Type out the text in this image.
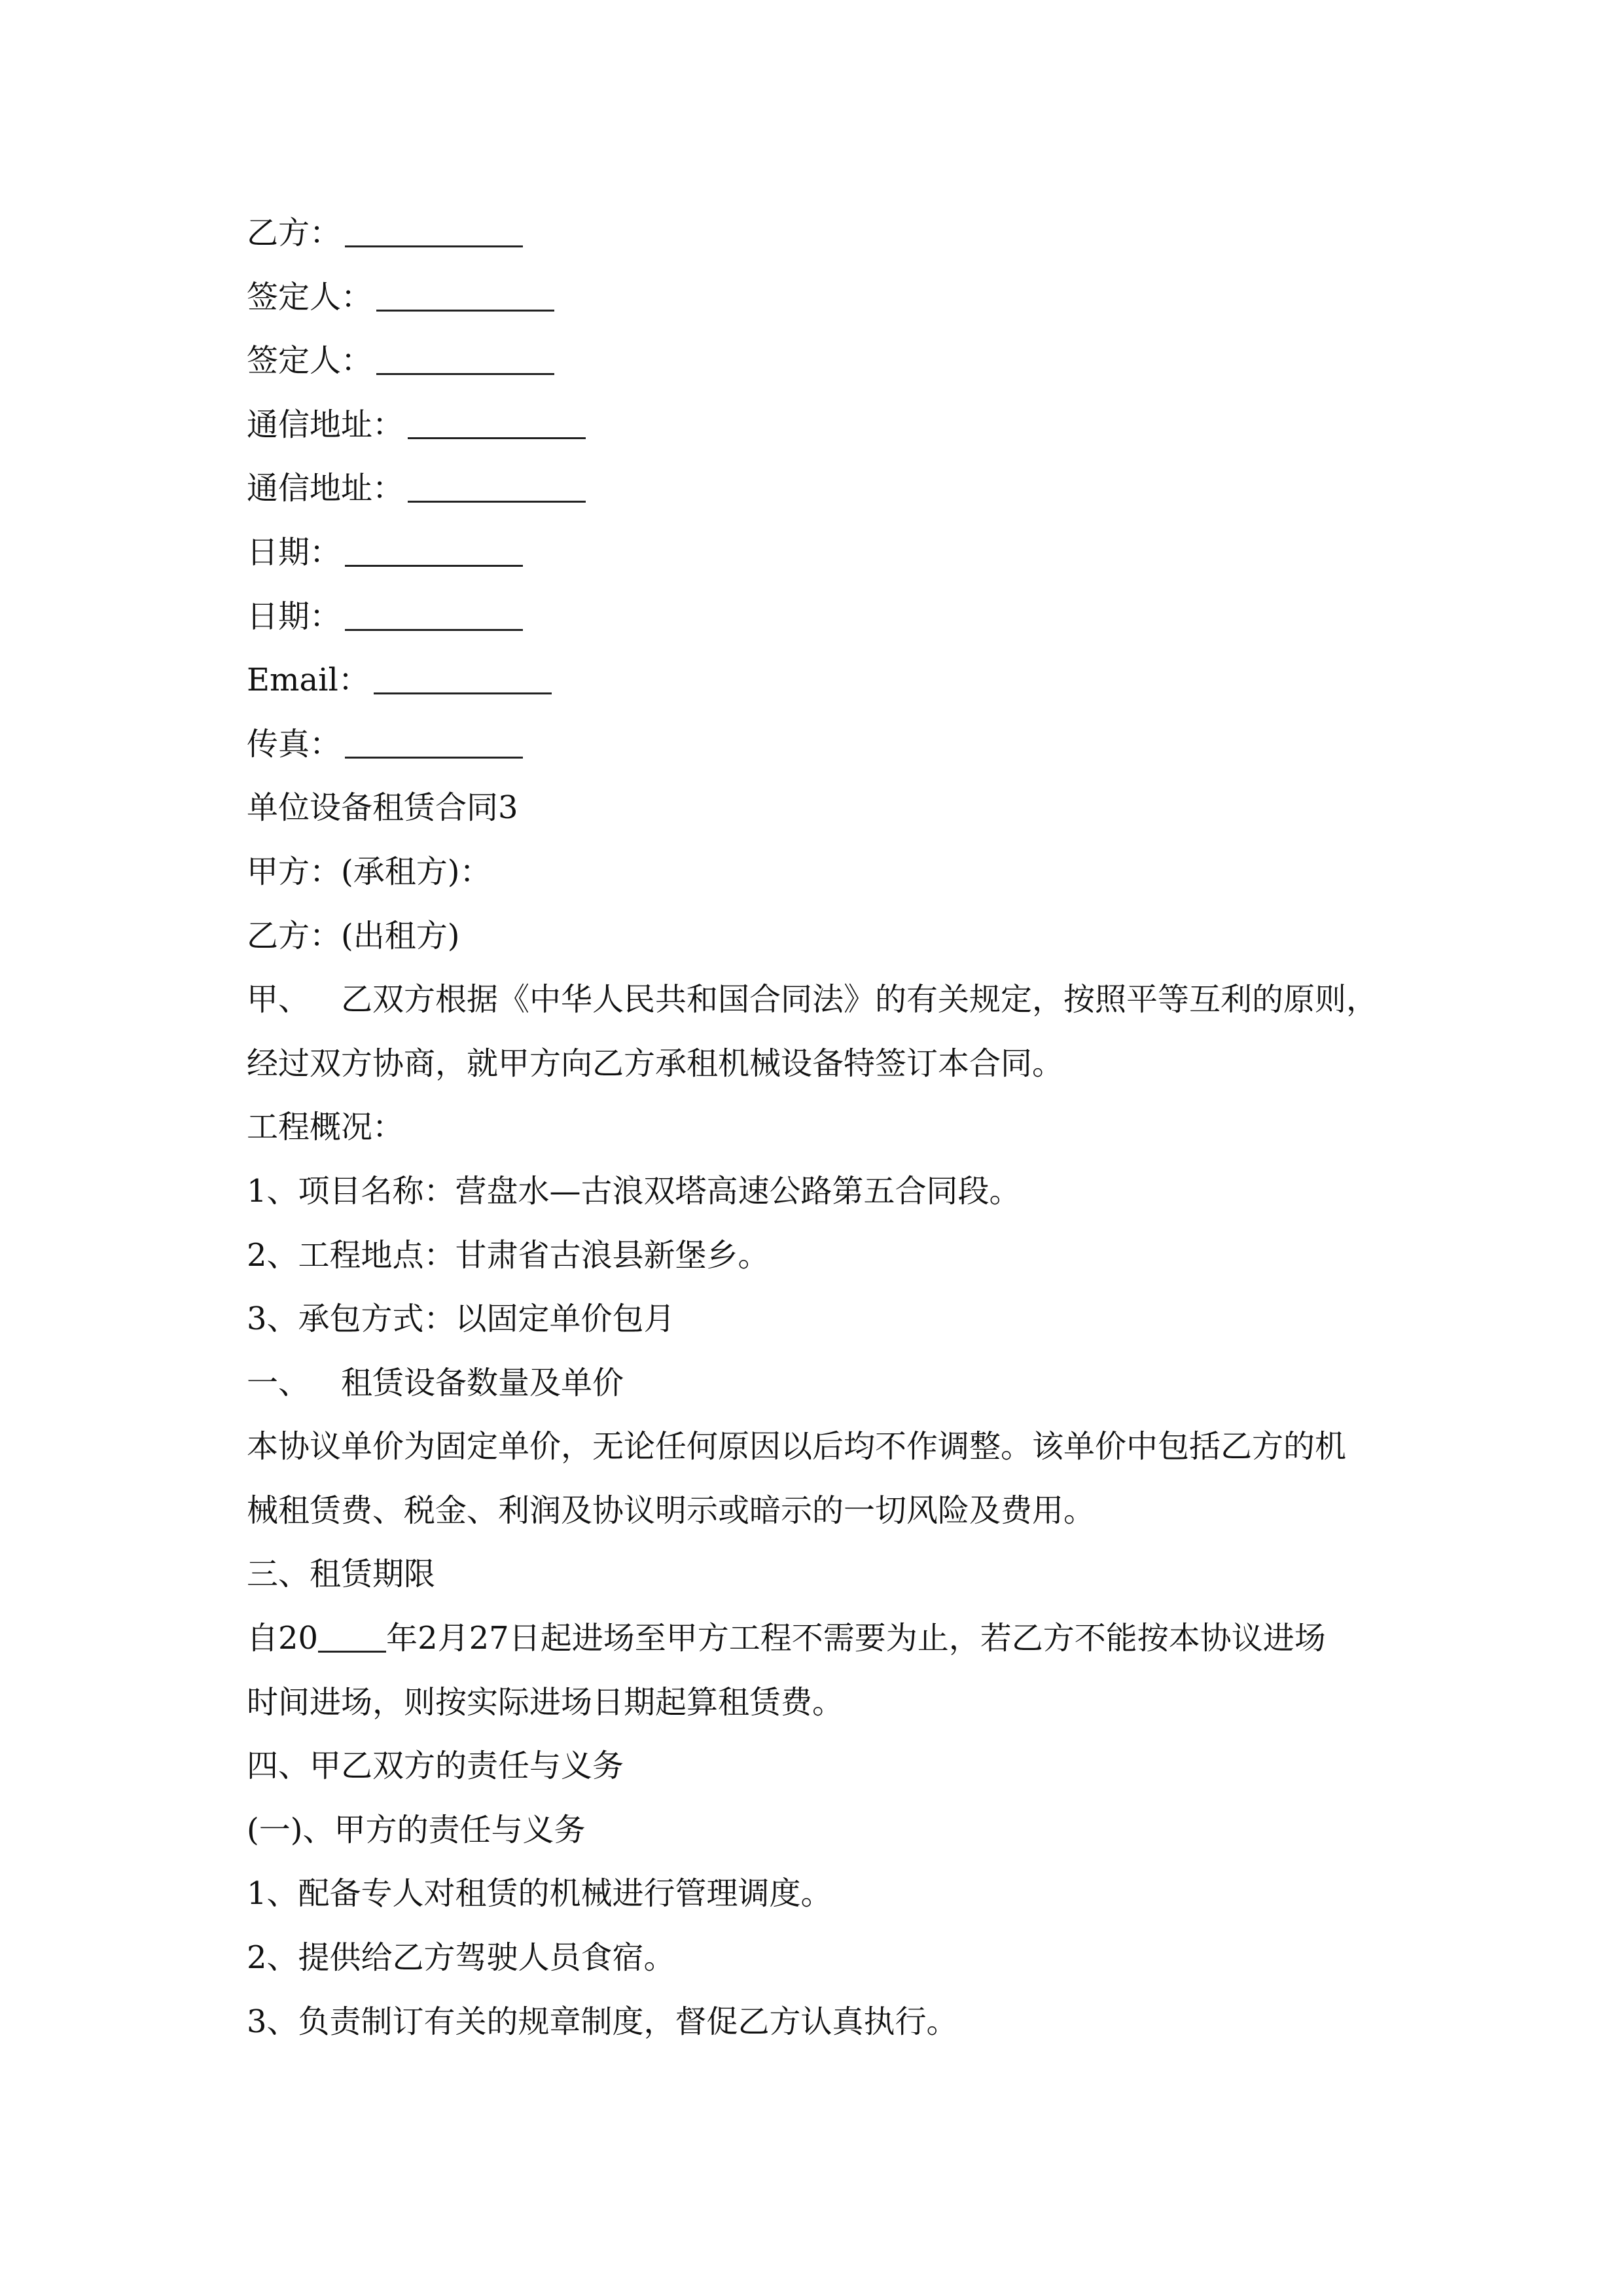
乙方：
签定人：
签定人：
通信地址：
通信地址：
日期：
日期：
Email：
传真：
单位设备租赁合同3
甲方：(承租方)：
乙方：(出租方)
甲、 乙双方根据《中华人民共和国合同法》的有关规定，按照平等互利的原则，
经过双方协商，就甲方向乙方承租机械设备特签订本合同。
工程概况：
1、项目名称：营盘水—古浪双塔高速公路第五合同段。
2、工程地点：甘肃省古浪县新堡乡。
3、承包方式：以固定单价包月
一、 租赁设备数量及单价
本协议单价为固定单价，无论任何原因以后均不作调整。该单价中包括乙方的机
械租赁费、税金、利润及协议明示或暗示的一切风险及费用。
三、租赁期限
自20 年2月27日起进场至甲方工程不需要为止，若乙方不能按本协议进场
时间进场，则按实际进场日期起算租赁费。
四、甲乙双方的责任与义务
(一)、甲方的责任与义务
1、配备专人对租赁的机械进行管理调度。
2、提供给乙方驾驶人员食宿。
3、负责制订有关的规章制度，督促乙方认真执行。
